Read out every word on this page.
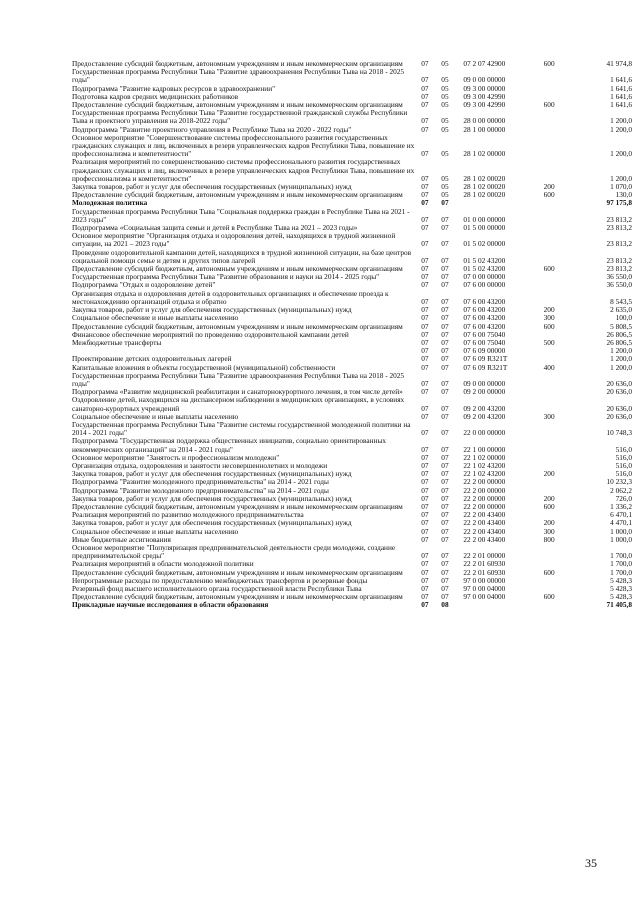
Предоставление субсидий бюджетным, автономным учреждениям и иным некоммерческим организациям	07	05	07 2 07 42900	600	41 974,8
Государственная программа Республики Тыва "Развитие здравоохранения Республики Тыва на 2018 - 2025 годы"	07	05	09 0 00 00000		1 641,6
Подпрограмма "Развитие кадровых ресурсов в здравоохранении"	07	05	09 3 00 00000		1 641,6
Подготовка кадров средних медицинских работников	07	05	09 3 00 42990		1 641,6
Предоставление субсидий бюджетным, автономным учреждениям и иным некоммерческим организациям	07	05	09 3 00 42990	600	1 641,6
Государственная программа Республики Тыва "Развитие государственной гражданской службы Республики Тыва и проектного управления на 2018-2022 годы"	07	05	28 0 00 00000		1 200,0
Подпрограмма "Развитие проектного управления в Республике Тыва на 2020 - 2022 годы"	07	05	28 1 00 00000		1 200,0
Основное мероприятие "Совершенствование системы профессионального развития государственных гражданских служащих и лиц, включенных в резерв управленческих кадров Республики Тыва, повышение их профессионализма и компетентности"	07	05	28 1 02 00000		1 200,0
Реализация мероприятий по совершенствованию системы профессионального развития государственных гражданских служащих и лиц, включенных в резерв управленческих кадров Республики Тыва, повышение их профессионализма и компетентности"	07	05	28 1 02 00020		1 200,0
Закупка товаров, работ и услуг для обеспечения государственных (муниципальных) нужд	07	05	28 1 02 00020	200	1 070,0
Предоставление субсидий бюджетным, автономным учреждениям и иным некоммерческим организациям	07	05	28 1 02 00020	600	130,0
Молодежная политика	07	07			97 175,8
Государственная программа Республики Тыва "Социальная поддержка граждан в Республике Тыва на 2021 - 2023 годы"	07	07	01 0 00 00000		23 813,2
Подпрограмма «Социальная защита семьи и детей в Республике Тыва на 2021 – 2023 годы»	07	07	01 5 00 00000		23 813,2
Основное мероприятие "Организация отдыха и оздоровления детей, находящихся в трудной жизненной ситуации, на 2021 – 2023 годы"	07	07	01 5 02 00000		23 813,2
Проведение оздоровительной кампании детей, находящихся в трудной жизненной ситуации, на базе центров социальной помощи семье и детям и других типов лагерей	07	07	01 5 02 43200		23 813,2
Предоставление субсидий бюджетным, автономным учреждениям и иным некоммерческим организациям	07	07	01 5 02 43200	600	23 813,2
Государственная программа Республики Тыва "Развитие образования и науки на 2014 - 2025 годы"	07	07	07 0 00 00000		36 550,0
Подпрограмма "Отдых и оздоровление детей"	07	07	07 6 00 00000		36 550,0
Организация отдыха и оздоровления детей в оздоровительных организациях и обеспечение проезда к местонахождению организаций отдыха и обратно	07	07	07 6 00 43200		8 543,5
Закупка товаров, работ и услуг для обеспечения государственных (муниципальных) нужд	07	07	07 6 00 43200	200	2 635,0
Социальное обеспечение и иные выплаты населению	07	07	07 6 00 43200	300	100,0
Предоставление субсидий бюджетным, автономным учреждениям и иным некоммерческим организациям	07	07	07 6 00 43200	600	5 808,5
Финансовое обеспечение мероприятий по проведению оздоровительной кампании детей	07	07	07 6 00 75040		26 806,5
Межбюджетные трансферты	07	07	07 6 00 75040	500	26 806,5
	07	07	07 6 09 00000		1 200,0
Проектирование детских оздоровительных лагерей	07	07	07 6 09 R321T		1 200,0
Капитальные вложения в объекты государственной (муниципальной) собственности	07	07	07 6 09 R321T	400	1 200,0
Государственная программа Республики Тыва "Развитие здравоохранения Республики Тыва на 2018 - 2025 годы"	07	07	09 0 00 00000		20 636,0
Подпрограмма «Развитие медицинской реабилитации и санаторнокурортного лечения, в том числе детей»	07	07	09 2 00 00000		20 636,0
Оздоровление детей, находящихся на диспансерном наблюдении в медицинских организациях, в условиях санаторно-курортных учреждений	07	07	09 2 00 43200		20 636,0
Социальное обеспечение и иные выплаты населению	07	07	09 2 00 43200	300	20 636,0
Государственная программа Республики Тыва "Развитие системы государственной молодежной политики на 2014 - 2021 годы"	07	07	22 0 00 00000		10 748,3
Подпрограмма "Государственная поддержка общественных инициатив, социально ориентированных некоммерческих организаций" на 2014 - 2021 годы"	07	07	22 1 00 00000		516,0
Основное мероприятие "Занятость и профессионализм молодежи"	07	07	22 1 02 00000		516,0
Организация отдыха, оздоровления и занятости несовершеннолетних и молодежи	07	07	22 1 02 43200		516,0
Закупка товаров, работ и услуг для обеспечения государственных (муниципальных) нужд	07	07	22 1 02 43200	200	516,0
Подпрограмма "Развитие молодежного предпринимательства" на 2014 - 2021 годы	07	07	22 2 00 00000		10 232,3
Подпрограмма "Развитие молодежного предпринимательства" на 2014 - 2021 годы	07	07	22 2 00 00000		2 062,2
Закупка товаров, работ и услуг для обеспечения государственных (муниципальных) нужд	07	07	22 2 00 00000	200	726,0
Предоставление субсидий бюджетным, автономным учреждениям и иным некоммерческим организациям	07	07	22 2 00 00000	600	1 336,2
Реализация мероприятий по развитию молодежного предпринимательства	07	07	22 2 00 43400		6 470,1
Закупка товаров, работ и услуг для обеспечения государственных (муниципальных) нужд	07	07	22 2 00 43400	200	4 470,1
Социальное обеспечение и иные выплаты населению	07	07	22 2 00 43400	300	1 000,0
Иные бюджетные ассигнования	07	07	22 2 00 43400	800	1 000,0
Основное мероприятие "Популяризация предпринимательской деятельности среди молодежи, создание предпринимательской среды"	07	07	22 2 01 00000		1 700,0
Реализация мероприятий в области молодежной политики	07	07	22 2 01 60930		1 700,0
Предоставление субсидий бюджетным, автономным учреждениям и иным некоммерческим организациям	07	07	22 2 01 60930	600	1 700,0
Непрограммные расходы по предоставлению межбюджетных трансфертов и резервные фонды	07	07	97 0 00 00000		5 428,3
Резервный фонд высшего исполнительного органа государственной власти Республики Тыва	07	07	97 0 00 04000		5 428,3
Предоставление субсидий бюджетным, автономным учреждениям и иным некоммерческим организациям	07	07	97 0 00 04000	600	5 428,3
Прикладные научные исследования в области образования	07	08			71 405,8
35
